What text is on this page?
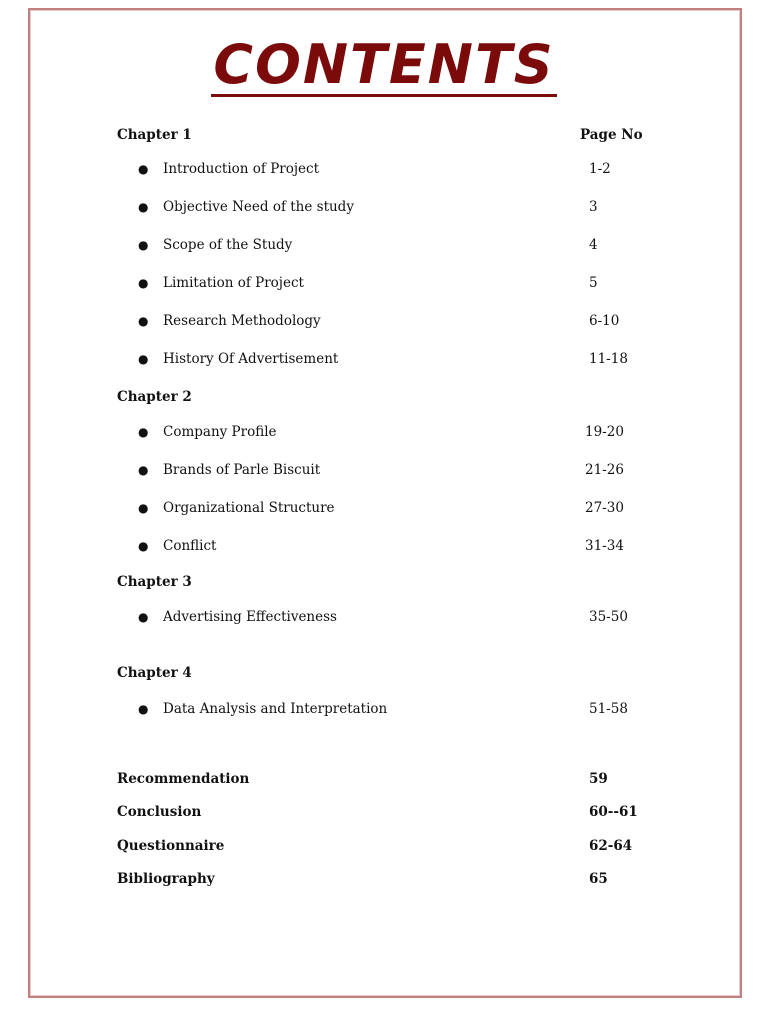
CONTENTS
Chapter 1	Page No
● Introduction of Project	1-2
● Objective Need of the study	3
● Scope of the Study	4
● Limitation of Project	5
● Research Methodology	6-10
● History Of Advertisement	11-18
Chapter 2
● Company Profile	19-20
● Brands of Parle Biscuit	21-26
● Organizational Structure	27-30
● Conflict	31-34
Chapter 3
● Advertising Effectiveness	35-50
Chapter 4
● Data Analysis and Interpretation	51-58
Recommendation	59
Conclusion	60--61
Questionnaire	62-64
Bibliography	65
